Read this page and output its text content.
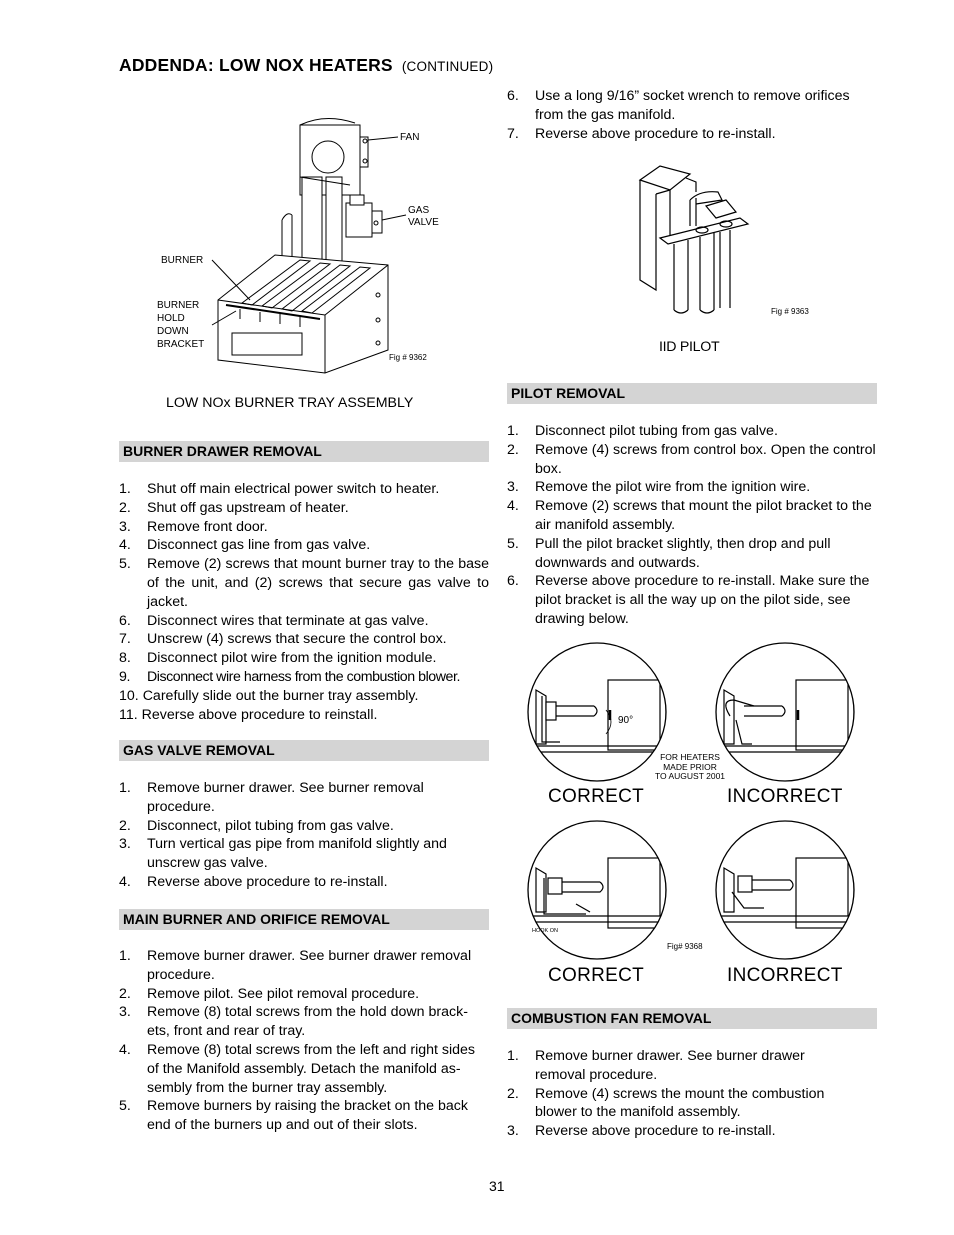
ADDENDA: LOW NOX HEATERS (CONTINUED)
FAN
GAS
VALVE
BURNER
BURNER
HOLD
DOWN
BRACKET
Fig # 9362
LOW NOx BURNER TRAY ASSEMBLY
BURNER DRAWER REMOVAL
1. Shut off main electrical power switch to heater.
2. Shut off gas upstream of heater.
3. Remove front door.
4. Disconnect gas line from gas valve.
5. Remove (2) screws that mount burner tray to the base of the unit, and (2) screws that secure gas valve to jacket.
6. Disconnect wires that terminate at gas valve.
7. Unscrew (4) screws that secure the control box.
8. Disconnect pilot wire from the ignition module.
9. Disconnect wire harness from the combustion blower.
10. Carefully slide out the burner tray assembly.
11. Reverse above procedure to reinstall.
GAS VALVE REMOVAL
1. Remove burner drawer. See burner removal procedure.
2. Disconnect, pilot tubing from gas valve.
3. Turn vertical gas pipe from manifold slightly and unscrew gas valve.
4. Reverse above procedure to re-install.
MAIN BURNER AND ORIFICE REMOVAL
1. Remove burner drawer. See burner drawer removal procedure.
2. Remove pilot. See pilot removal procedure.
3. Remove (8) total screws from the hold down brack-ets, front and rear of tray.
4. Remove (8) total screws from the left and right sides of the Manifold assembly. Detach the manifold as-sembly from the burner tray assembly.
5. Remove burners by raising the bracket on the back end of the burners up and out of their slots.
6. Use a long 9/16” socket wrench to remove orifices from the gas manifold.
7. Reverse above procedure to re-install.
Fig # 9363
IID PILOT
PILOT REMOVAL
1. Disconnect pilot tubing from gas valve.
2. Remove (4) screws from control box. Open the control box.
3. Remove the pilot wire from the ignition wire.
4. Remove (2) screws that mount the pilot bracket to the air manifold assembly.
5. Pull the pilot bracket slightly, then drop and pull downwards and outwards.
6. Reverse above procedure to re-install. Make sure the pilot bracket is all the way up on the pilot side, see drawing below.
90°
HOOK ON
FOR HEATERS
MADE PRIOR
TO AUGUST 2001
CORRECT	INCORRECT
Fig# 9368
CORRECT	INCORRECT
COMBUSTION FAN REMOVAL
1. Remove burner drawer. See burner drawer removal procedure.
2. Remove (4) screws the mount the combustion blower to the manifold assembly.
3. Reverse above procedure to re-install.
31
